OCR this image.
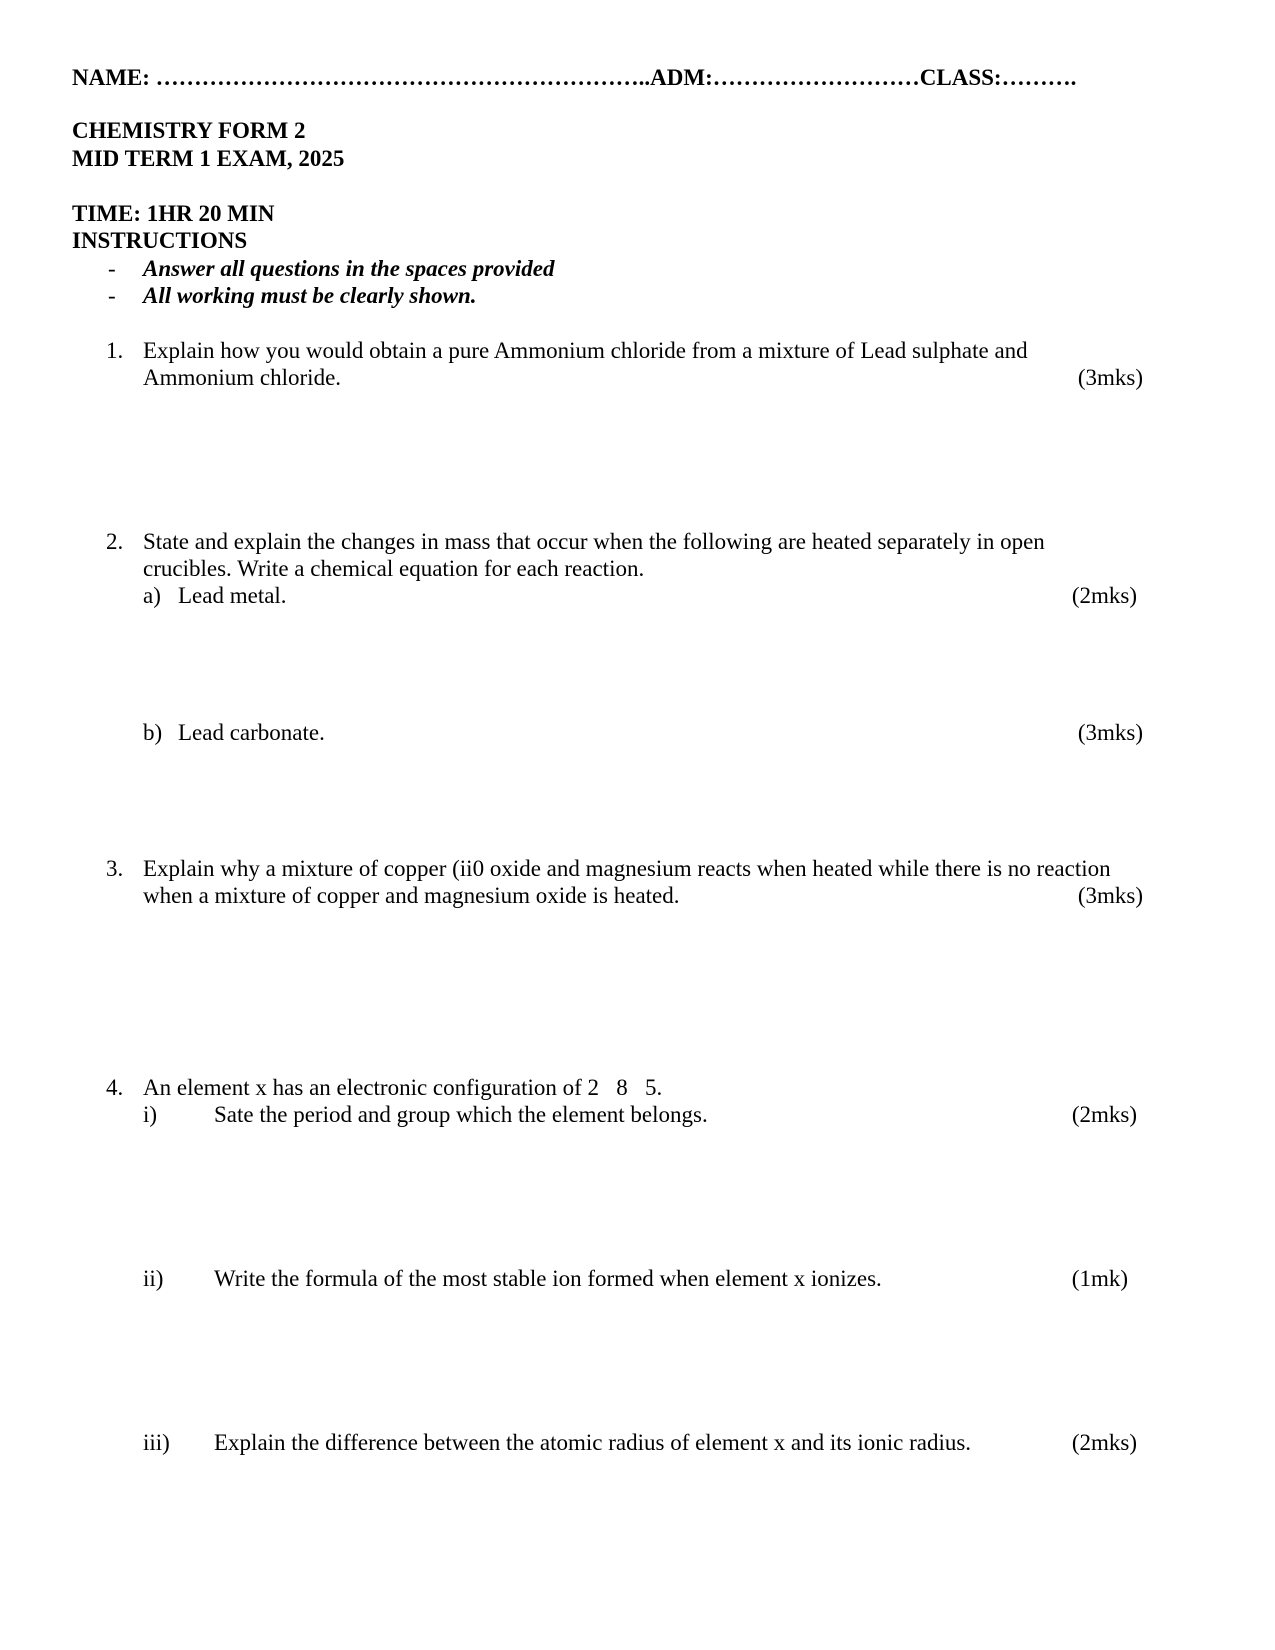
NAME: ………………………………………………………..ADM:………………………CLASS:……….
CHEMISTRY FORM 2
MID TERM 1 EXAM, 2025
TIME: 1HR 20 MIN
INSTRUCTIONS
- Answer all questions in the spaces provided
- All working must be clearly shown.
1. Explain how you would obtain a pure Ammonium chloride from a mixture of Lead sulphate and
Ammonium chloride.	(3mks)
2. State and explain the changes in mass that occur when the following are heated separately in open
crucibles. Write a chemical equation for each reaction.
a) Lead metal.	(2mks)
b) Lead carbonate.	(3mks)
3. Explain why a mixture of copper (ii0 oxide and magnesium reacts when heated while there is no reaction
when a mixture of copper and magnesium oxide is heated.	(3mks)
4. An element x has an electronic configuration of 2   8   5.
i) Sate the period and group which the element belongs.	(2mks)
ii) Write the formula of the most stable ion formed when element x ionizes.	(1mk)
iii) Explain the difference between the atomic radius of element x and its ionic radius.	(2mks)
